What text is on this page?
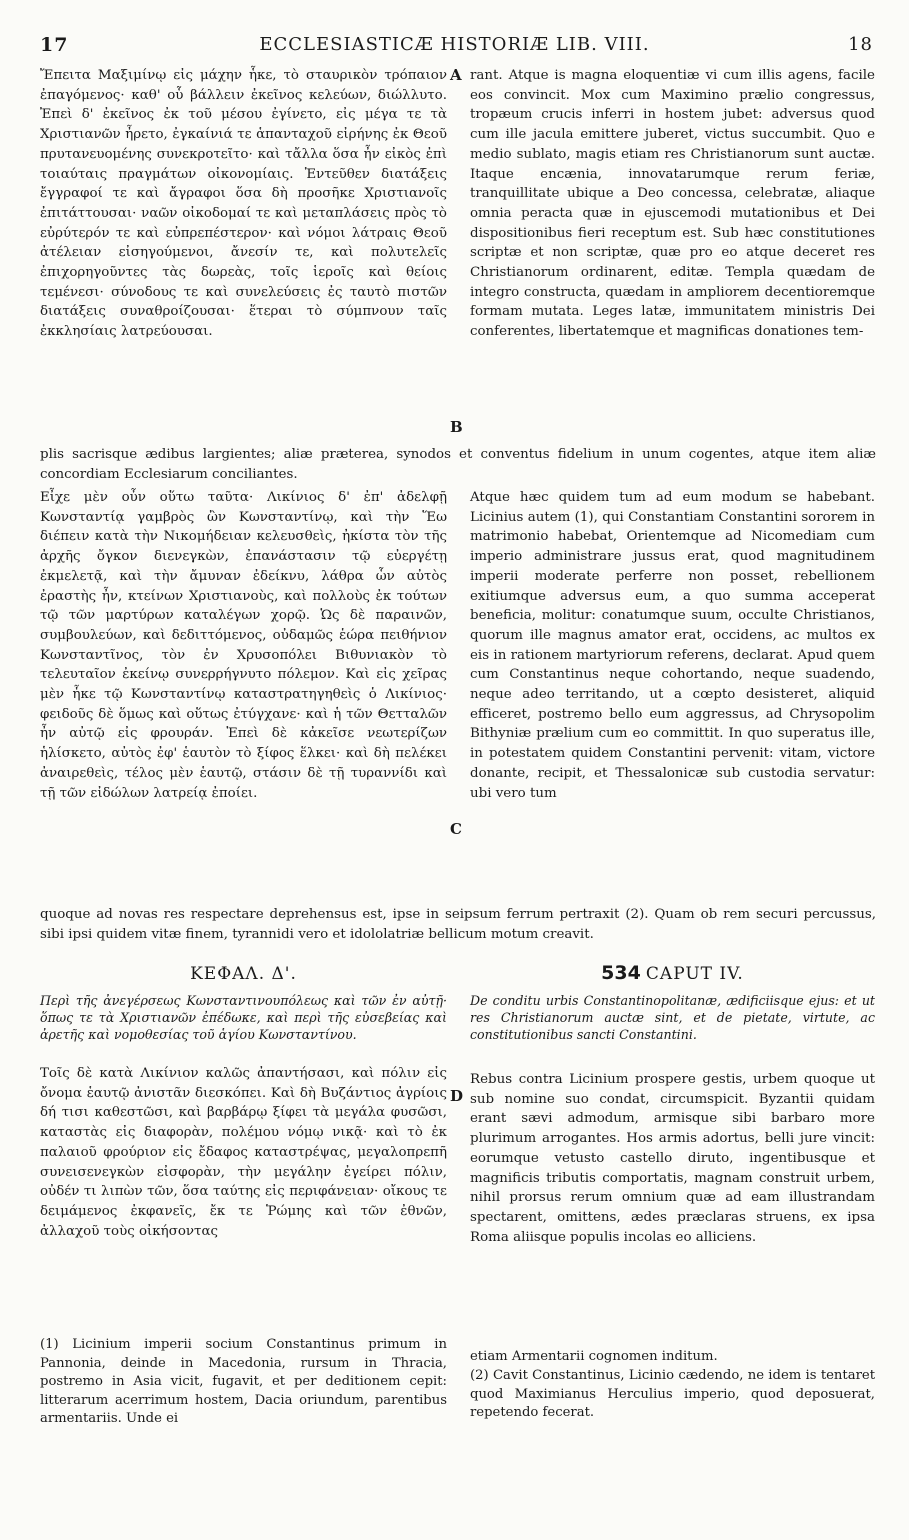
17	ECCLESIASTICÆ HISTORIÆ LIB. VIII.	18
Ἔπειτα Μαξιμίνῳ εἰς μάχην ἧκε, τὸ σταυρικὸν τρόπαιον ἐπαγόμενος· καθ' οὗ βάλλειν ἐκεῖνος κελεύων, διώλλυτο. Ἐπεὶ δ' ἐκεῖνος ἐκ τοῦ μέσου ἐγίνετο, εἰς μέγα τε τὰ Χριστιανῶν ἦρετο, ἐγκαίνιά τε ἁπανταχοῦ εἰρήνης ἐκ Θεοῦ πρυτανευομένης συνεκροτεῖτο· καὶ τἄλλα ὅσα ἦν εἰκὸς ἐπὶ τοιαύταις πραγμάτων οἰκονομίαις. Ἐντεῦθεν διατάξεις ἔγγραφοί τε καὶ ἄγραφοι ὅσα δὴ προσῆκε Χριστιανοῖς ἐπιτάττουσαι· ναῶν οἰκοδομαί τε καὶ μεταπλάσεις πρὸς τὸ εὐρύτερόν τε καὶ εὐπρεπέστερον· καὶ νόμοι λάτραις Θεοῦ ἀτέλειαν εἰσηγούμενοι, ἄνεσίν τε, καὶ πολυτελεῖς ἐπιχορηγοῦντες τὰς δωρεὰς, τοῖς ἱεροῖς καὶ θείοις τεμένεσι· σύνοδους τε καὶ συνελεύσεις ἐς ταυτὸ πιστῶν διατάξεις συναθροίζουσαι· ἕτεραι τὸ σύμπνουν ταῖς ἐκκλησίαις λατρεύουσαι.
A rant. Atque is magna eloquentiæ vi cum illis agens, facile eos convincit. Mox cum Maximino prælio congressus, tropæum crucis inferri in hostem jubet: adversus quod cum ille jacula emittere juberet, victus succumbit. Quo e medio sublato, magis etiam res Christianorum sunt auctæ. Itaque encænia, innovatarumque rerum feriæ, tranquillitate ubique a Deo concessa, celebratæ, aliaque omnia peracta quæ in ejuscemodi mutationibus et Dei dispositionibus fieri receptum est. Sub hæc constitutiones scriptæ et non scriptæ, quæ pro eo atque deceret res Christianorum ordinarent, editæ. Templa quædam de integro constructa, quædam in ampliorem decentioremque formam mutata. Leges latæ, immunitatem ministris Dei conferentes, libertatemque et magnificas donationes tem-
B
plis sacrisque ædibus largientes; aliæ præterea, synodos et conventus fidelium in unum cogentes, atque item aliæ concordiam Ecclesiarum conciliantes.
Εἶχε μὲν οὖν οὕτω ταῦτα· Λικίνιος δ' ἐπ' ἀδελφῇ Κωνσταντίᾳ γαμβρὸς ὢν Κωνσταντίνῳ, καὶ τὴν Ἕω διέπειν κατὰ τὴν Νικομήδειαν κελευσθεὶς, ἠκίστα τὸν τῆς ἀρχῆς ὄγκον διενεγκὼν, ἐπανάστασιν τῷ εὐεργέτῃ ἐκμελετᾷ, καὶ τὴν ἄμυναν ἐδείκνυ, λάθρα ὧν αὐτὸς ἐραστὴς ἦν, κτείνων Χριστιανοὺς, καὶ πολλοὺς ἐκ τούτων τῷ τῶν μαρτύρων καταλέγων χορῷ. Ὡς δὲ παραινῶν, συμβουλεύων, καὶ δεδιττόμενος, οὐδαμῶς ἑώρα πειθήνιον Κωνσταντῖνος, τὸν ἐν Χρυσοπόλει Βιθυνιακὸν τὸ τελευταῖον ἐκείνῳ συνερρήγνυτο πόλεμον. Καὶ εἰς χεῖρας μὲν ἧκε τῷ Κωνσταντίνῳ καταστρατηγηθεὶς ὁ Λικίνιος· φειδοῦς δὲ ὅμως καὶ οὕτως ἐτύγχανε· καὶ ἡ τῶν Θετταλῶν ἦν αὐτῷ εἰς φρουράν. Ἐπεὶ δὲ κἀκεῖσε νεωτερίζων ἡλίσκετο, αὐτὸς ἐφ' ἑαυτὸν τὸ ξίφος ἕλκει· καὶ δὴ πελέκει ἀναιρεθεὶς, τέλος μὲν ἑαυτῷ, στάσιν δὲ τῇ τυραννίδι καὶ τῇ τῶν εἰδώλων λατρείᾳ ἐποίει.
Atque hæc quidem tum ad eum modum se habebant. Licinius autem (1), qui Constantiam Constantini sororem in matrimonio habebat, Orientemque ad Nicomediam cum imperio administrare jussus erat, quod magnitudinem imperii moderate perferre non posset, rebellionem exitiumque adversus eum, a quo summa acceperat beneficia, molitur: conatumque suum, occulte Christianos, quorum ille magnus amator erat, occidens, ac multos ex eis in rationem martyriorum referens, declarat. Apud quem cum Constantinus neque cohortando, neque suadendo, neque adeo territando, ut a cœpto desisteret, aliquid efficeret, postremo bello eum aggressus, ad Chrysopolim Bithyniæ prælium cum eo committit. In quo superatus ille, in potestatem quidem Constantini pervenit: vitam, victore donante, recipit, et Thessalonicæ sub custodia servatur: ubi vero tum
C
quoque ad novas res respectare deprehensus est, ipse in seipsum ferrum pertraxit (2). Quam ob rem securi percussus, sibi ipsi quidem vitæ finem, tyrannidi vero et idololatriæ bellicum motum creavit.
ΚΕΦΑΛ. Δ'.	534 CAPUT IV.
Περὶ τῆς ἀνεγέρσεως Κωνσταντινουπόλεως καὶ τῶν ἐν αὐτῇ· ὅπως τε τὰ Χριστιανῶν ἐπέδωκε, καὶ περὶ τῆς εὐσεβείας καὶ ἀρετῆς καὶ νομοθεσίας τοῦ ἁγίου Κωνσταντίνου.
De conditu urbis Constantinopolitanæ, ædificiisque ejus: et ut res Christianorum auctæ sint, et de pietate, virtute, ac constitutionibus sancti Constantini.
Τοῖς δὲ κατὰ Λικίνιον καλῶς ἀπαντήσασι, καὶ πόλιν εἰς ὄνομα ἑαυτῷ ἀνιστᾶν διεσκόπει. Καὶ δὴ Βυζάντιος ἀγρίοις δή τισι καθεστῶσι, καὶ βαρβάρῳ ξίφει τὰ μεγάλα φυσῶσι, καταστὰς εἰς διαφορὰν, πολέμου νόμῳ νικᾷ· καὶ τὸ ἐκ παλαιοῦ φρούριον εἰς ἔδαφος καταστρέψας, μεγαλοπρεπῆ συνεισενεγκὼν εἰσφορὰν, τὴν μεγάλην ἐγείρει πόλιν, οὐδέν τι λιπὼν τῶν, ὅσα ταύτης εἰς περιφάνειαν· οἴκους τε δειμάμενος ἐκφανεῖς, ἔκ τε Ῥώμης καὶ τῶν ἐθνῶν, ἀλλαχοῦ τοὺς οἰκήσοντας
D
Rebus contra Licinium prospere gestis, urbem quoque ut sub nomine suo condat, circumspicit. Byzantii quidam erant sævi admodum, armisque sibi barbaro more plurimum arrogantes. Hos armis adortus, belli jure vincit: eorumque vetusto castello diruto, ingentibusque et magnificis tributis comportatis, magnam construit urbem, nihil prorsus rerum omnium quæ ad eam illustrandam spectarent, omittens, ædes præclaras struens, ex ipsa Roma aliisque populis incolas eo alliciens.
(1) Licinium imperii socium Constantinus primum in Pannonia, deinde in Macedonia, rursum in Thracia, postremo in Asia vicit, fugavit, et per deditionem cepit: litterarum acerrimum hostem, Dacia oriundum, parentibus armentariis. Unde ei
etiam Armentarii cognomen inditum.
(2) Cavit Constantinus, Licinio cædendo, ne idem is tentaret quod Maximianus Herculius imperio, quod deposuerat, repetendo fecerat.
